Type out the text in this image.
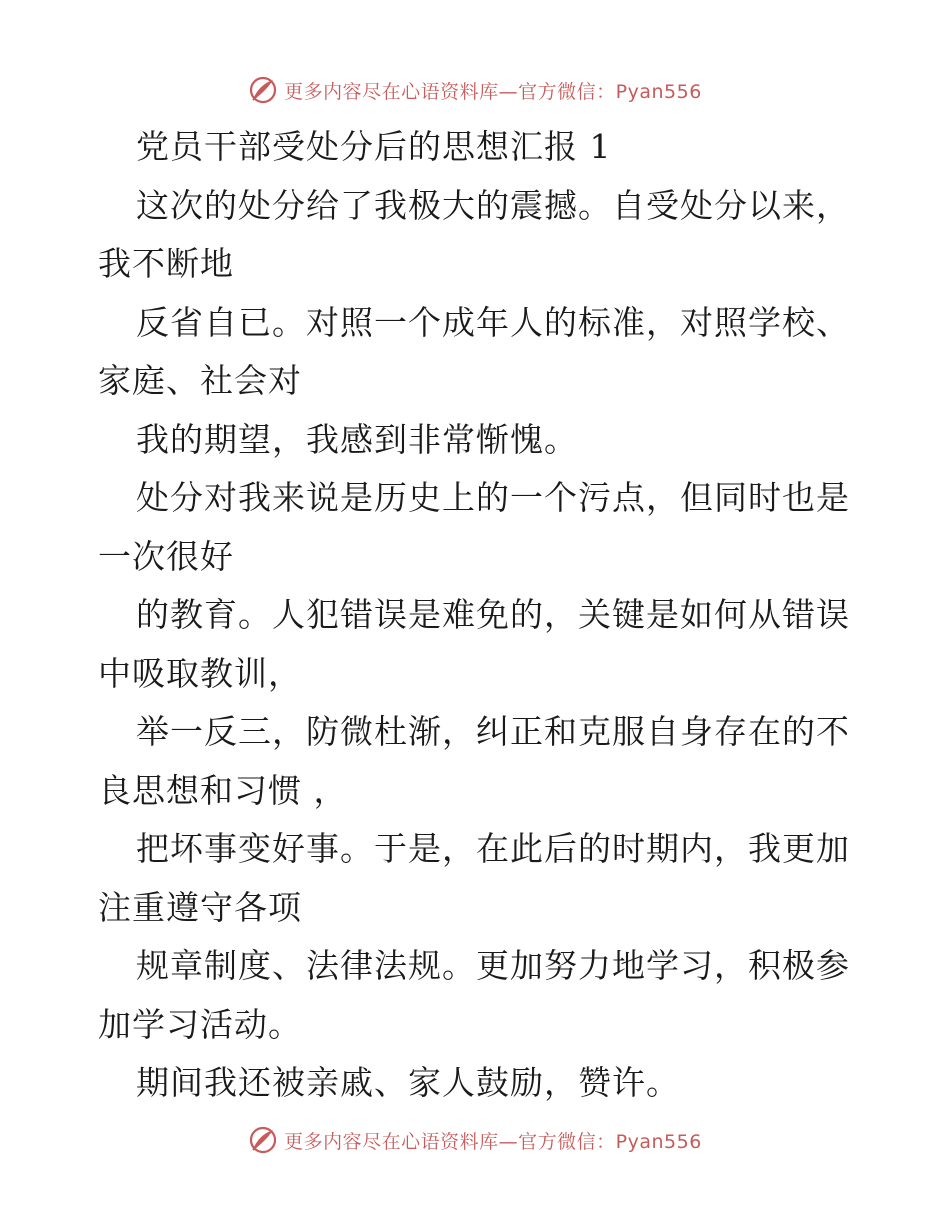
更多内容尽在心语资料库—官方微信：Pyan556
党员干部受处分后的思想汇报 1
这次的处分给了我极大的震撼。自受处分以来，
我不断地
反省自已。对照一个成年人的标准，对照学校、
家庭、社会对
我的期望，我感到非常惭愧。
处分对我来说是历史上的一个污点，但同时也是
一次很好
的教育。人犯错误是难免的，关键是如何从错误
中吸取教训，
举一反三，防微杜渐，纠正和克服自身存在的不
良思想和习惯 ，
把坏事变好事。于是，在此后的时期内，我更加
注重遵守各项
规章制度、法律法规。更加努力地学习，积极参
加学习活动。
期间我还被亲戚、家人鼓励，赞许。
更多内容尽在心语资料库—官方微信：Pyan556
